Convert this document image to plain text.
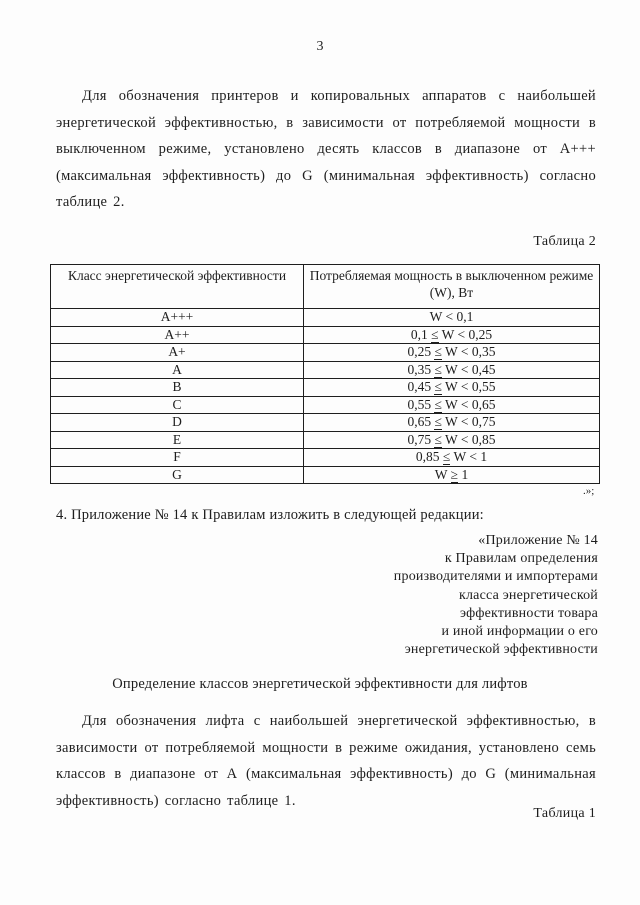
3
Для обозначения принтеров и копировальных аппаратов с наибольшей энергетической эффективностью, в зависимости от потребляемой мощности в выключенном режиме, установлено десять классов в диапазоне от A+++ (максимальная эффективность) до G (минимальная эффективность) согласно таблице 2.
Таблица 2
Класс энергетической эффективности	Потребляемая мощность в выключенном режиме (W), Вт
A+++	W < 0,1
A++	0,1 ≤ W < 0,25
A+	0,25 ≤ W < 0,35
A	0,35 ≤ W < 0,45
B	0,45 ≤ W < 0,55
C	0,55 ≤ W < 0,65
D	0,65 ≤ W < 0,75
E	0,75 ≤ W < 0,85
F	0,85 ≤ W < 1
G	W ≥ 1
.»;
4. Приложение № 14 к Правилам изложить в следующей редакции:
«Приложение № 14
к Правилам определения
производителями и импортерами
класса энергетической
эффективности товара
и иной информации о его
энергетической эффективности
Определение классов энергетической эффективности для лифтов
Для обозначения лифта с наибольшей энергетической эффективностью, в зависимости от потребляемой мощности в режиме ожидания, установлено семь классов в диапазоне от А (максимальная эффективность) до G (минимальная эффективность) согласно таблице 1.
Таблица 1
